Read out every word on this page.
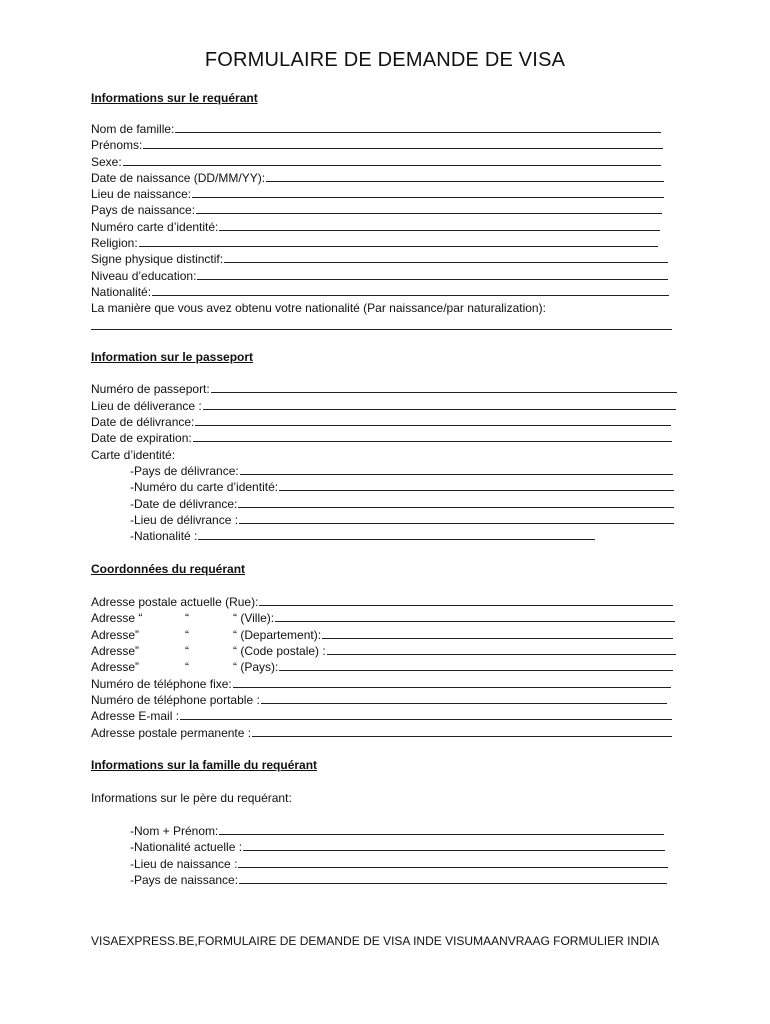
FORMULAIRE DE DEMANDE DE VISA
Informations sur le requérant
Nom de famille:
Prénoms:
Sexe:
Date de naissance (DD/MM/YY):
Lieu de naissance:
Pays de naissance:
Numéro carte d’identité:
Religion:
Signe physique distinctif:
Niveau d’education:
Nationalité:
La manière que vous avez obtenu votre nationalité (Par naissance/par naturalization):
Information sur le passeport
Numéro de passeport:
Lieu de déliverance :
Date de délivrance:
Date de expiration:
Carte d’identité:
-Pays de délivrance:
-Numéro du carte d’identité:
-Date de délivrance:
-Lieu de délivrance :
-Nationalité :
Coordonnées du requérant
Adresse postale actuelle (Rue):
Adresse “	“	“ (Ville):
Adresse”	“	“ (Departement):
Adresse”	“	“ (Code postale) :
Adresse”	“	“ (Pays):
Numéro de téléphone fixe:
Numéro de téléphone portable :
Adresse E-mail :
Adresse postale permanente :
Informations sur la famille du requérant
Informations sur le père du requérant:
-Nom + Prénom:
-Nationalité actuelle :
-Lieu de naissance :
-Pays de naissance:
VISAEXPRESS.BE,FORMULAIRE DE DEMANDE DE VISA INDE VISUMAANVRAAG FORMULIER INDIA
